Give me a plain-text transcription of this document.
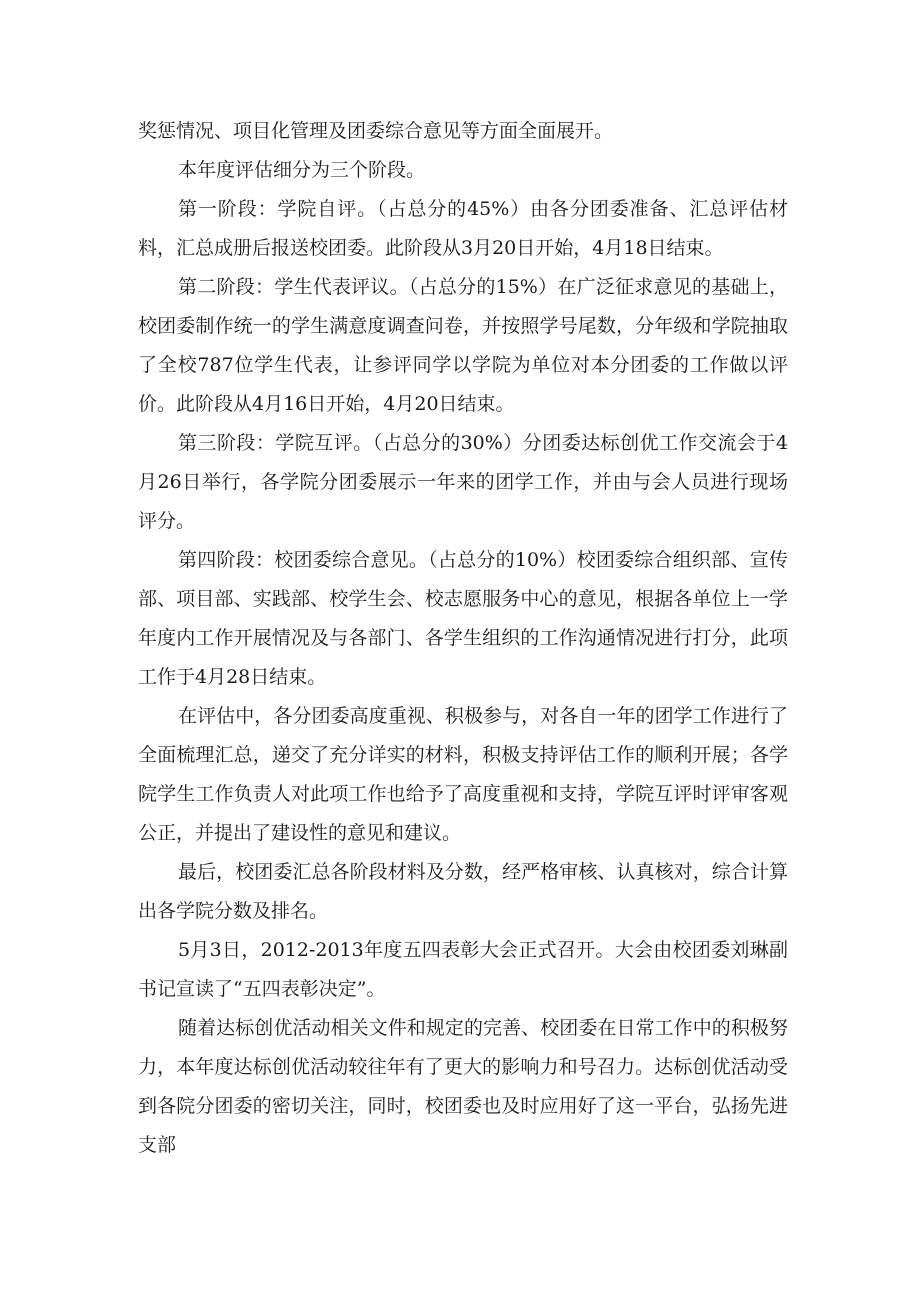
奖惩情况、项目化管理及团委综合意见等方面全面展开。

本年度评估细分为三个阶段。

第一阶段：学院自评。（占总分的45%）由各分团委准备、汇总评估材料，汇总成册后报送校团委。此阶段从3月20日开始，4月18日结束。

第二阶段：学生代表评议。（占总分的15%）在广泛征求意见的基础上，校团委制作统一的学生满意度调查问卷，并按照学号尾数，分年级和学院抽取了全校787位学生代表，让参评同学以学院为单位对本分团委的工作做以评价。此阶段从4月16日开始，4月20日结束。

第三阶段：学院互评。（占总分的30%）分团委达标创优工作交流会于4月26日举行，各学院分团委展示一年来的团学工作，并由与会人员进行现场评分。

第四阶段：校团委综合意见。（占总分的10%）校团委综合组织部、宣传部、项目部、实践部、校学生会、校志愿服务中心的意见，根据各单位上一学年度内工作开展情况及与各部门、各学生组织的工作沟通情况进行打分，此项工作于4月28日结束。

在评估中，各分团委高度重视、积极参与，对各自一年的团学工作进行了全面梳理汇总，递交了充分详实的材料，积极支持评估工作的顺利开展；各学院学生工作负责人对此项工作也给予了高度重视和支持，学院互评时评审客观公正，并提出了建设性的意见和建议。

最后，校团委汇总各阶段材料及分数，经严格审核、认真核对，综合计算出各学院分数及排名。

5月3日，2012-2013年度五四表彰大会正式召开。大会由校团委刘琳副书记宣读了“五四表彰决定”。

随着达标创优活动相关文件和规定的完善、校团委在日常工作中的积极努力，本年度达标创优活动较往年有了更大的影响力和号召力。达标创优活动受到各院分团委的密切关注，同时，校团委也及时应用好了这一平台，弘扬先进支部
